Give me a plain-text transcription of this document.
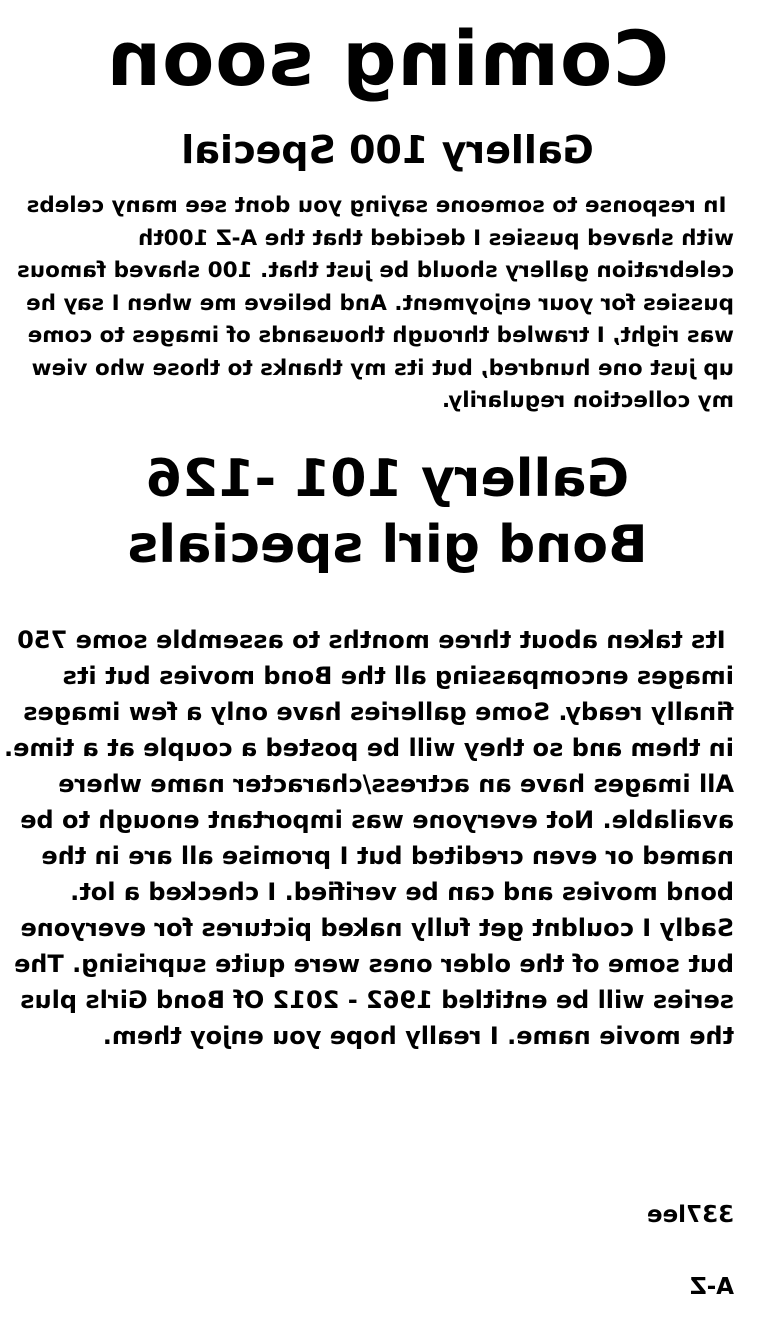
Coming soon
Gallery 100 Special

In response to someone saying you dont see many celebs
with shaved pussies I decided that the A-Z 100th
celebration gallery should be just that. 100 shaved famous
pussies for your enjoyment. And believe me when I say he
was right, I trawled through thousands of images to come
up just one hundred, but its my thanks to those who view
my collection regularily.

Gallery 101 -126
Bond girl specials

Its taken about three months to assemble some 750
images encompassing all the Bond movies but its
finally ready. Some galleries have only a few images
in them and so they will be posted a couple at a time.
All images have an actress/character name where
available. Not everyone was important enough to be
named or even credited but I promise all are in the
bond movies and can be verified. I checked a lot.
Sadly I couldnt get fully naked pictures for everyone
but some of the older ones were quite suprising. The
series will be entitled 1962 - 2012 Of Bond Girls plus
the movie name. I really hope you enjoy them.

337lee

A-Z
